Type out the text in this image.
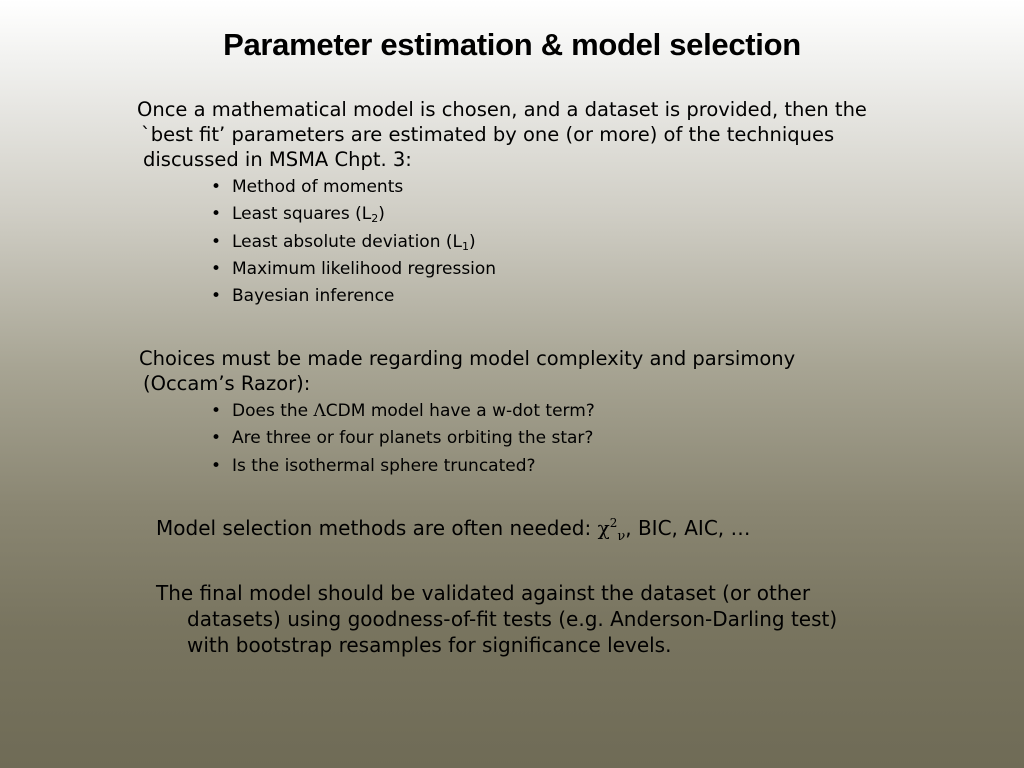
Parameter estimation & model selection

Once a mathematical model is chosen, and a dataset is provided, then the
`best fit’ parameters are estimated by one (or more) of the techniques
discussed in MSMA Chpt. 3:

• Method of moments
• Least squares $(L_2)$
• Least absolute deviation $(L_1)$
• Maximum likelihood regression
• Bayesian inference

Choices must be made regarding model complexity and parsimony
(Occam’s Razor):

• Does the ΛCDM model have a w-dot term?
• Are three or four planets orbiting the star?
• Is the isothermal sphere truncated?

Model selection methods are often needed: $\chi^2_\nu$, BIC, AIC, …

The final model should be validated against the dataset (or other
datasets) using goodness-of-fit tests (e.g. Anderson-Darling test)
with bootstrap resamples for significance levels.
